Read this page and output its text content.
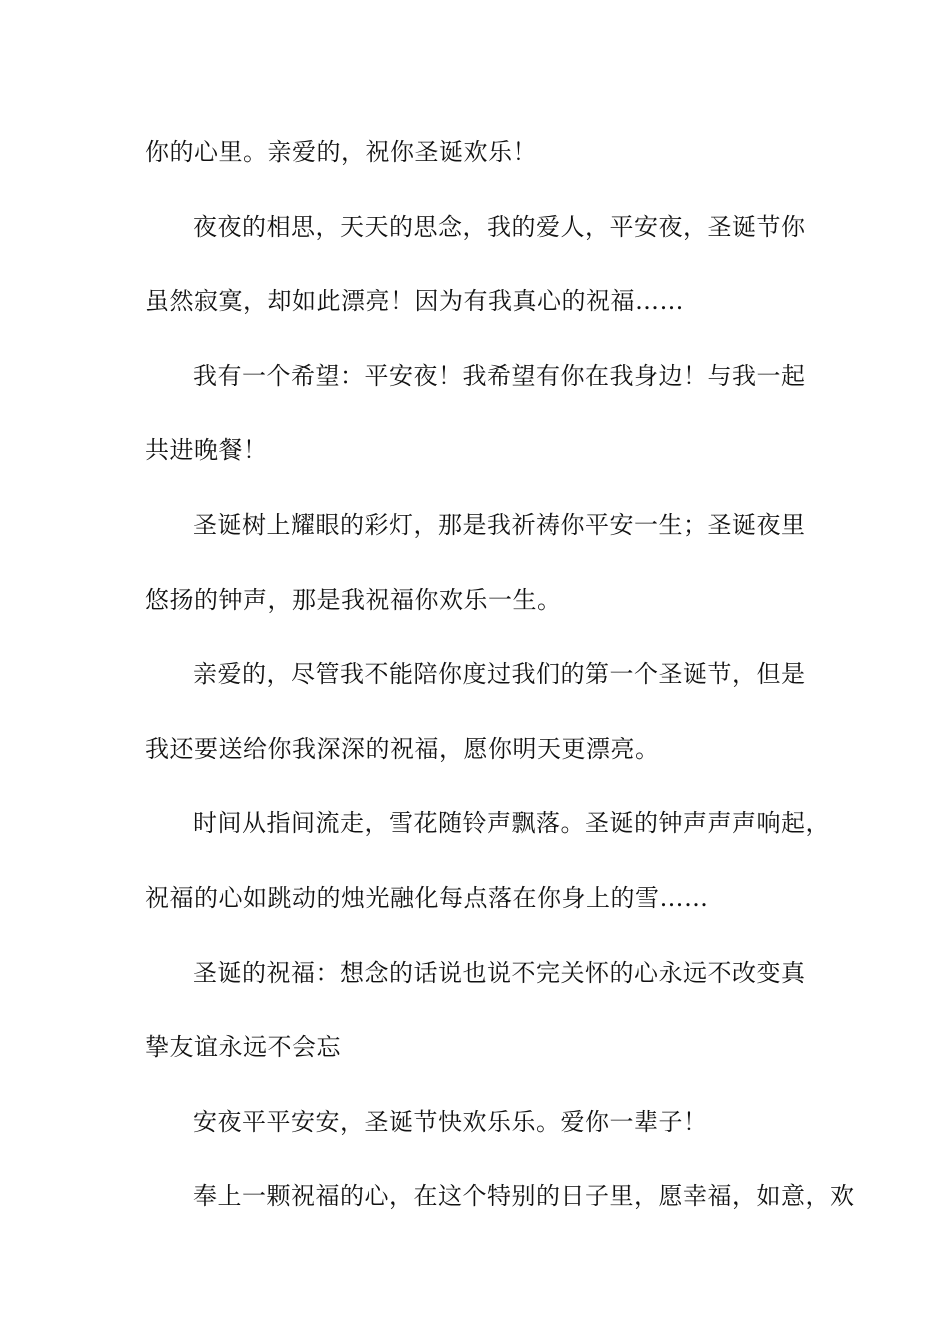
你的心里。亲爱的，祝你圣诞欢乐！
夜夜的相思，天天的思念，我的爱人，平安夜，圣诞节你
虽然寂寞，却如此漂亮！因为有我真心的祝福……
我有一个希望：平安夜！我希望有你在我身边！与我一起
共进晚餐！
圣诞树上耀眼的彩灯，那是我祈祷你平安一生；圣诞夜里
悠扬的钟声，那是我祝福你欢乐一生。
亲爱的，尽管我不能陪你度过我们的第一个圣诞节，但是
我还要送给你我深深的祝福，愿你明天更漂亮。
时间从指间流走，雪花随铃声飘落。圣诞的钟声声声响起，
祝福的心如跳动的烛光融化每点落在你身上的雪……
圣诞的祝福：想念的话说也说不完关怀的心永远不改变真
挚友谊永远不会忘
安夜平平安安，圣诞节快欢乐乐。爱你一辈子！
奉上一颗祝福的心，在这个特别的日子里，愿幸福，如意，欢
